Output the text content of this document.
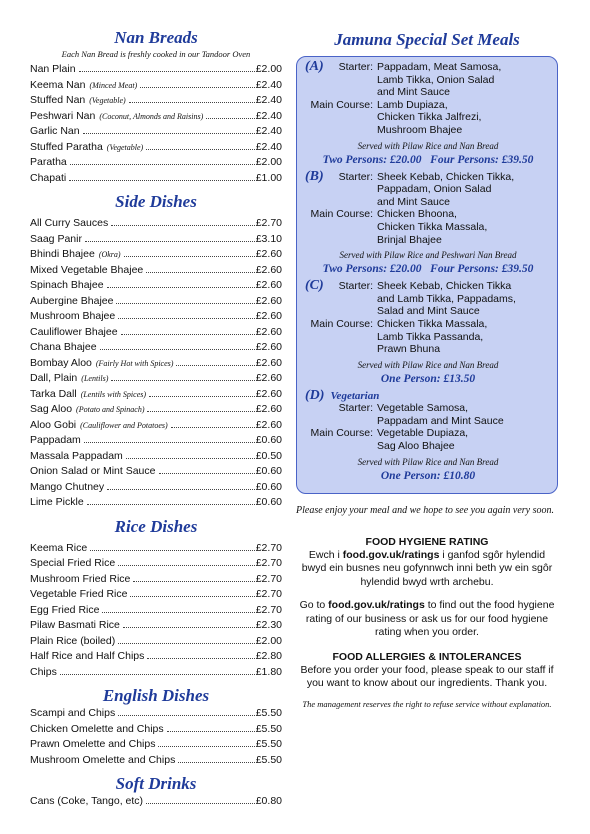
Nan Breads
Each Nan Bread is freshly cooked in our Tandoor Oven
Nan Plain	£2.00
Keema Nan (Minced Meat)	£2.40
Stuffed Nan (Vegetable)	£2.40
Peshwari Nan (Coconut, Almonds and Raisins)	£2.40
Garlic Nan	£2.40
Stuffed Paratha (Vegetable)	£2.40
Paratha	£2.00
Chapati	£1.00
Side Dishes
All Curry Sauces	£2.70
Saag Panir	£3.10
Bhindi Bhajee (Okra)	£2.60
Mixed Vegetable Bhajee	£2.60
Spinach Bhajee	£2.60
Aubergine Bhajee	£2.60
Mushroom Bhajee	£2.60
Cauliflower Bhajee	£2.60
Chana Bhajee	£2.60
Bombay Aloo (Fairly Hot with Spices)	£2.60
Dall, Plain (Lentils)	£2.60
Tarka Dall (Lentils with Spices)	£2.60
Sag Aloo (Potato and Spinach)	£2.60
Aloo Gobi (Cauliflower and Potatoes)	£2.60
Pappadam	£0.60
Massala Pappadam	£0.50
Onion Salad or Mint Sauce	£0.60
Mango Chutney	£0.60
Lime Pickle	£0.60
Rice Dishes
Keema Rice	£2.70
Special Fried Rice	£2.70
Mushroom Fried Rice	£2.70
Vegetable Fried Rice	£2.70
Egg Fried Rice	£2.70
Pilaw Basmati Rice	£2.30
Plain Rice (boiled)	£2.00
Half Rice and Half Chips	£2.80
Chips	£1.80
English Dishes
Scampi and Chips	£5.50
Chicken Omelette and Chips	£5.50
Prawn Omelette and Chips	£5.50
Mushroom Omelette and Chips	£5.50
Soft Drinks
Cans (Coke, Tango, etc)	£0.80
Jamuna Special Set Meals
(A) Starter: Pappadam, Meat Samosa,
Lamb Tikka, Onion Salad
and Mint Sauce
Main Course: Lamb Dupiaza,
Chicken Tikka Jalfrezi,
Mushroom Bhajee
Served with Pilaw Rice and Nan Bread
Two Persons: £20.00   Four Persons: £39.50
(B) Starter: Sheek Kebab, Chicken Tikka,
Pappadam, Onion Salad
and Mint Sauce
Main Course: Chicken Bhoona,
Chicken Tikka Massala,
Brinjal Bhajee
Served with Pilaw Rice and Peshwari Nan Bread
Two Persons: £20.00   Four Persons: £39.50
(C) Starter: Sheek Kebab, Chicken Tikka
and Lamb Tikka, Pappadams,
Salad and Mint Sauce
Main Course: Chicken Tikka Massala,
Lamb Tikka Passanda,
Prawn Bhuna
Served with Pilaw Rice and Nan Bread
One Person: £13.50
(D) Vegetarian
Starter: Vegetable Samosa,
Pappadam and Mint Sauce
Main Course: Vegetable Dupiaza,
Sag Aloo Bhajee
Served with Pilaw Rice and Nan Bread
One Person: £10.80
Please enjoy your meal and we hope to see you again very soon.
FOOD HYGIENE RATING
Ewch i food.gov.uk/ratings i ganfod sgôr hylendid bwyd ein busnes neu gofynnwch inni beth yw ein sgôr hylendid bwyd wrth archebu.
Go to food.gov.uk/ratings to find out the food hygiene rating of our business or ask us for our food hygiene rating when you order.
FOOD ALLERGIES & INTOLERANCES
Before you order your food, please speak to our staff if you want to know about our ingredients. Thank you.
The management reserves the right to refuse service without explanation.
